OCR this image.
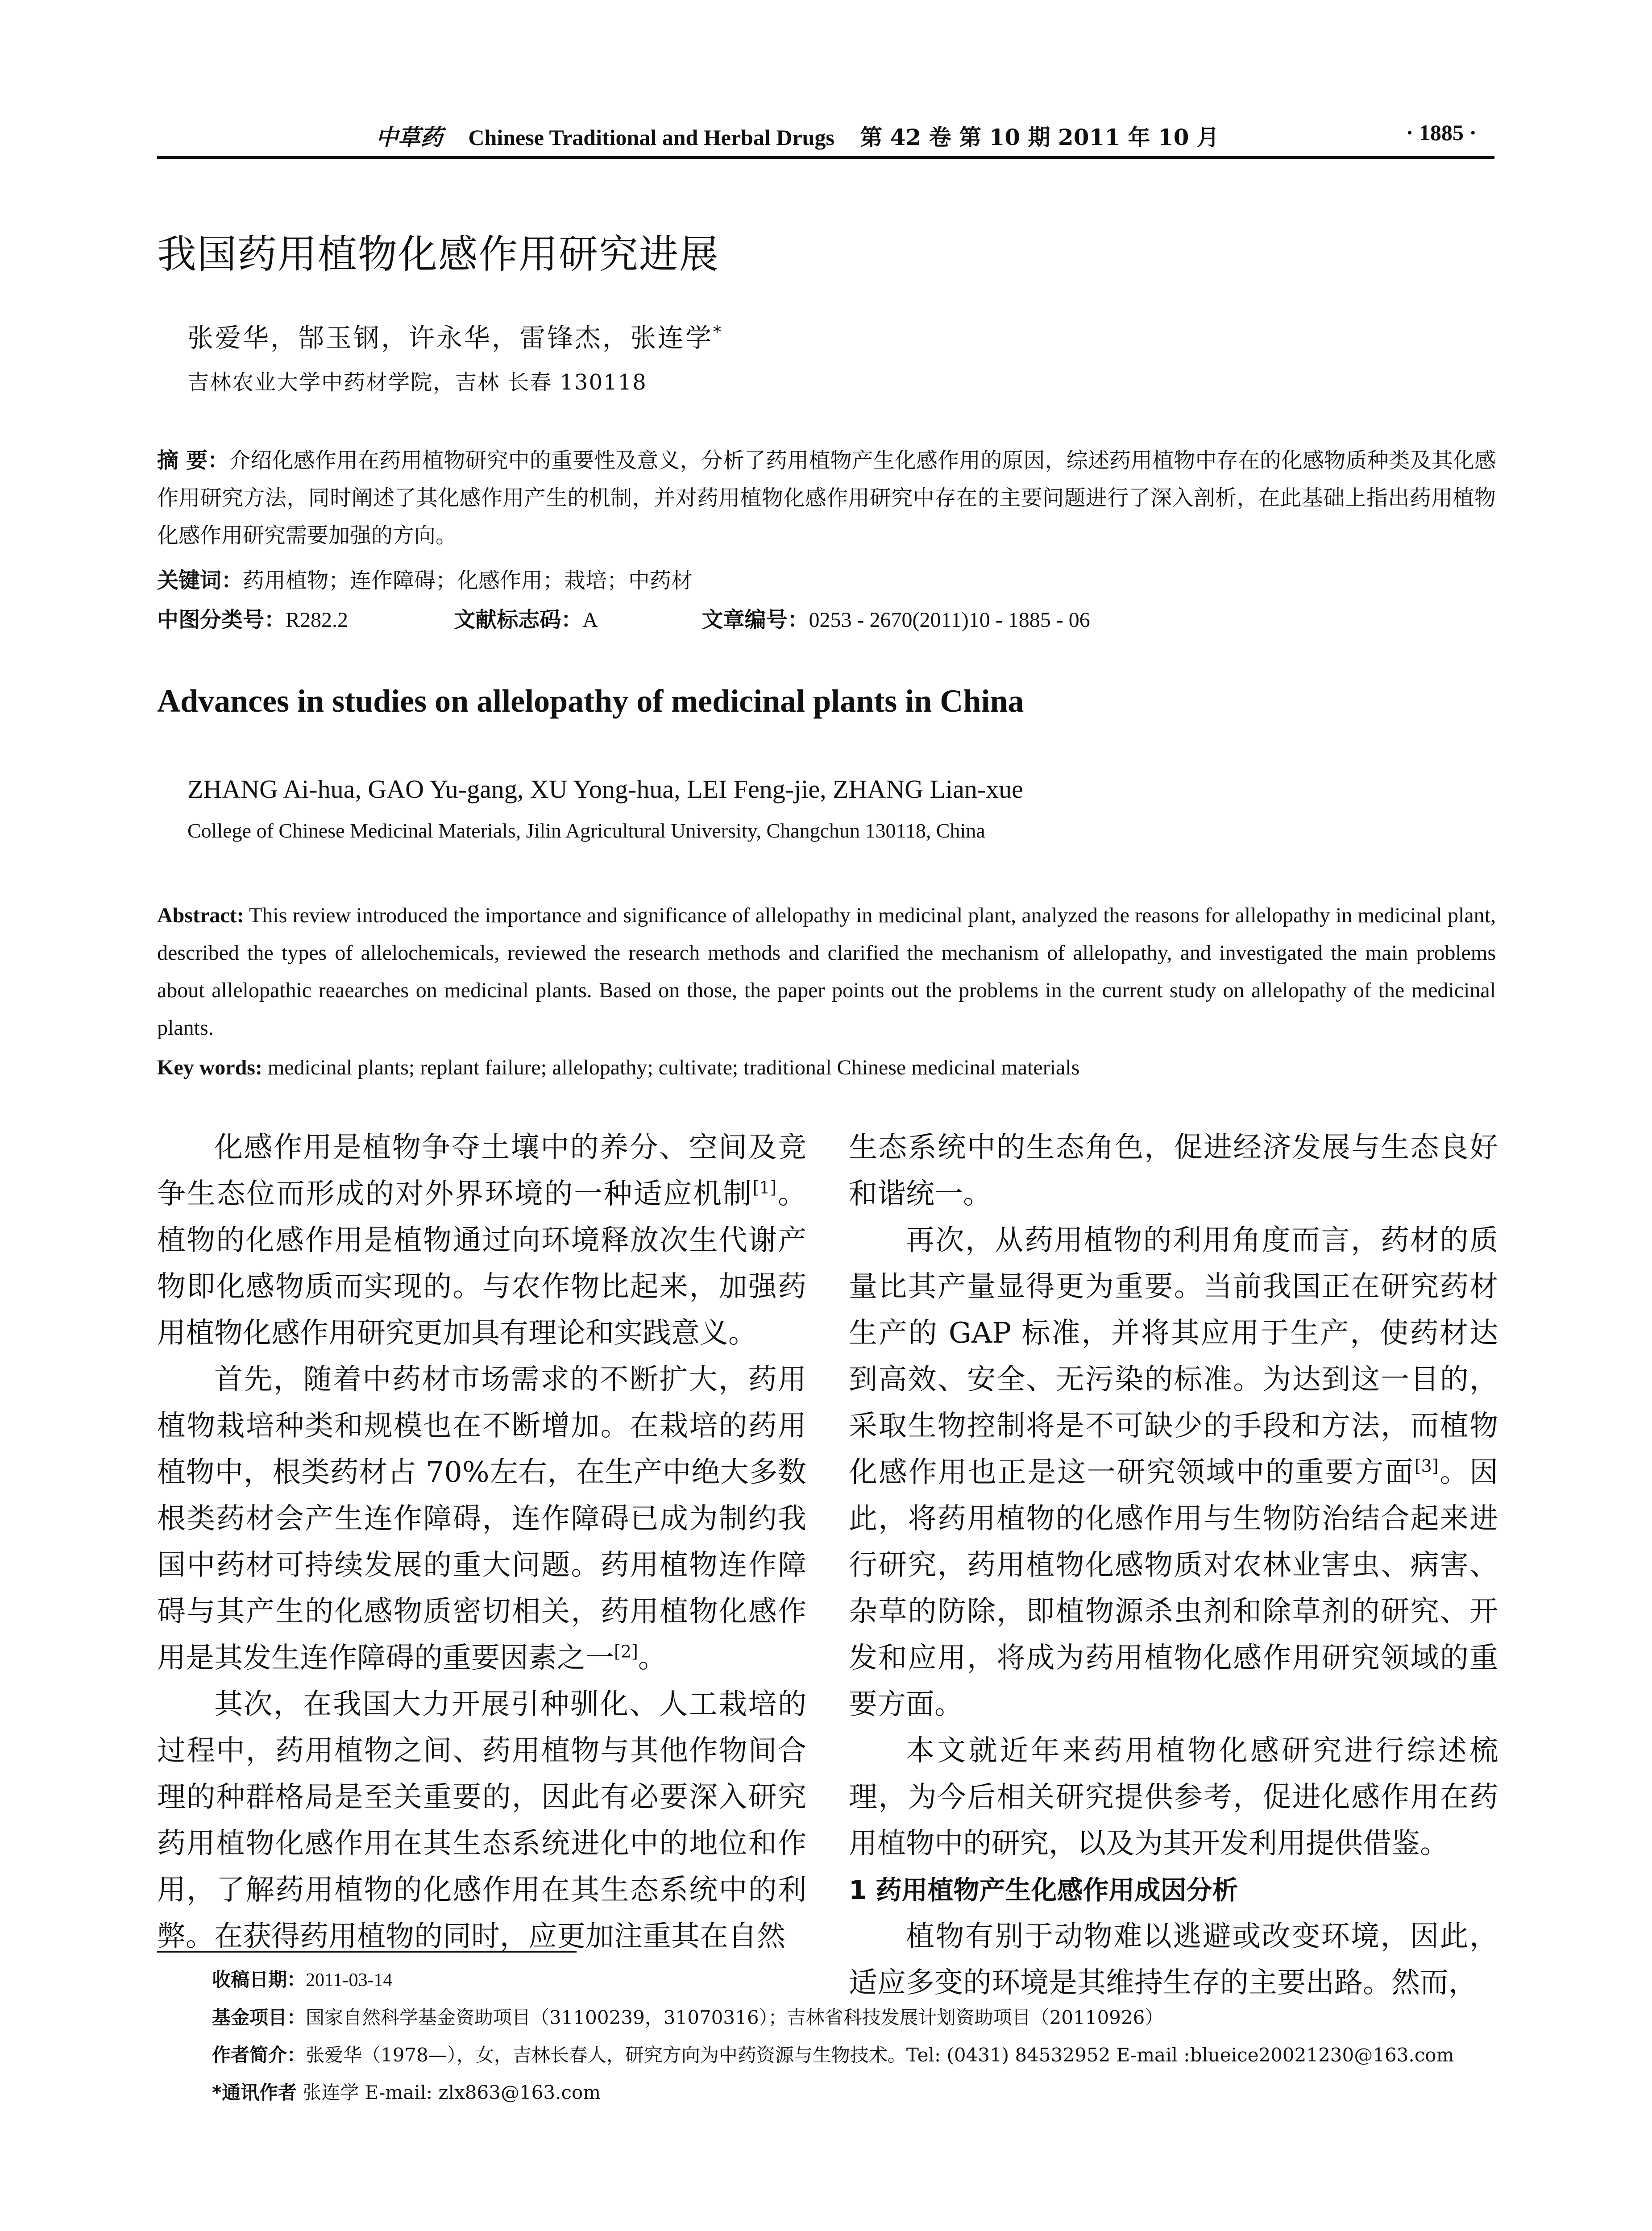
中草药 Chinese Traditional and Herbal Drugs 第 42 卷 第 10 期 2011 年 10 月	· 1885 ·
我国药用植物化感作用研究进展
张爱华，郜玉钢，许永华，雷锋杰，张连学*
吉林农业大学中药材学院，吉林 长春 130118
摘 要：介绍化感作用在药用植物研究中的重要性及意义，分析了药用植物产生化感作用的原因，综述药用植物中存在的化感物质种类及其化感作用研究方法，同时阐述了其化感作用产生的机制，并对药用植物化感作用研究中存在的主要问题进行了深入剖析，在此基础上指出药用植物化感作用研究需要加强的方向。
关键词：药用植物；连作障碍；化感作用；栽培；中药材
中图分类号：R282.2	文献标志码：A	文章编号：0253 - 2670(2011)10 - 1885 - 06
Advances in studies on allelopathy of medicinal plants in China
ZHANG Ai-hua, GAO Yu-gang, XU Yong-hua, LEI Feng-jie, ZHANG Lian-xue
College of Chinese Medicinal Materials, Jilin Agricultural University, Changchun 130118, China
Abstract: This review introduced the importance and significance of allelopathy in medicinal plant, analyzed the reasons for allelopathy in medicinal plant, described the types of allelochemicals, reviewed the research methods and clarified the mechanism of allelopathy, and investigated the main problems about allelopathic reaearches on medicinal plants. Based on those, the paper points out the problems in the current study on allelopathy of the medicinal plants.
Key words: medicinal plants; replant failure; allelopathy; cultivate; traditional Chinese medicinal materials

化感作用是植物争夺土壤中的养分、空间及竞争生态位而形成的对外界环境的一种适应机制[1]。植物的化感作用是植物通过向环境释放次生代谢产物即化感物质而实现的。与农作物比起来，加强药用植物化感作用研究更加具有理论和实践意义。

首先，随着中药材市场需求的不断扩大，药用植物栽培种类和规模也在不断增加。在栽培的药用植物中，根类药材占 70%左右，在生产中绝大多数根类药材会产生连作障碍，连作障碍已成为制约我国中药材可持续发展的重大问题。药用植物连作障碍与其产生的化感物质密切相关，药用植物化感作用是其发生连作障碍的重要因素之一[2]。

其次，在我国大力开展引种驯化、人工栽培的过程中，药用植物之间、药用植物与其他作物间合理的种群格局是至关重要的，因此有必要深入研究药用植物化感作用在其生态系统进化中的地位和作用，了解药用植物的化感作用在其生态系统中的利弊。在获得药用植物的同时，应更加注重其在自然

生态系统中的生态角色，促进经济发展与生态良好和谐统一。

再次，从药用植物的利用角度而言，药材的质量比其产量显得更为重要。当前我国正在研究药材生产的 GAP 标准，并将其应用于生产，使药材达到高效、安全、无污染的标准。为达到这一目的，采取生物控制将是不可缺少的手段和方法，而植物化感作用也正是这一研究领域中的重要方面[3]。因此，将药用植物的化感作用与生物防治结合起来进行研究，药用植物化感物质对农林业害虫、病害、杂草的防除，即植物源杀虫剂和除草剂的研究、开发和应用，将成为药用植物化感作用研究领域的重要方面。

本文就近年来药用植物化感研究进行综述梳理，为今后相关研究提供参考，促进化感作用在药用植物中的研究，以及为其开发利用提供借鉴。

1 药用植物产生化感作用成因分析

植物有别于动物难以逃避或改变环境，因此，适应多变的环境是其维持生存的主要出路。然而，

收稿日期：2011-03-14
基金项目：国家自然科学基金资助项目（31100239，31070316）；吉林省科技发展计划资助项目（20110926）
作者简介：张爱华（1978—），女，吉林长春人，研究方向为中药资源与生物技术。Tel: (0431) 84532952 E-mail :blueice20021230@163.com
*通讯作者 张连学 E-mail: zlx863@163.com
